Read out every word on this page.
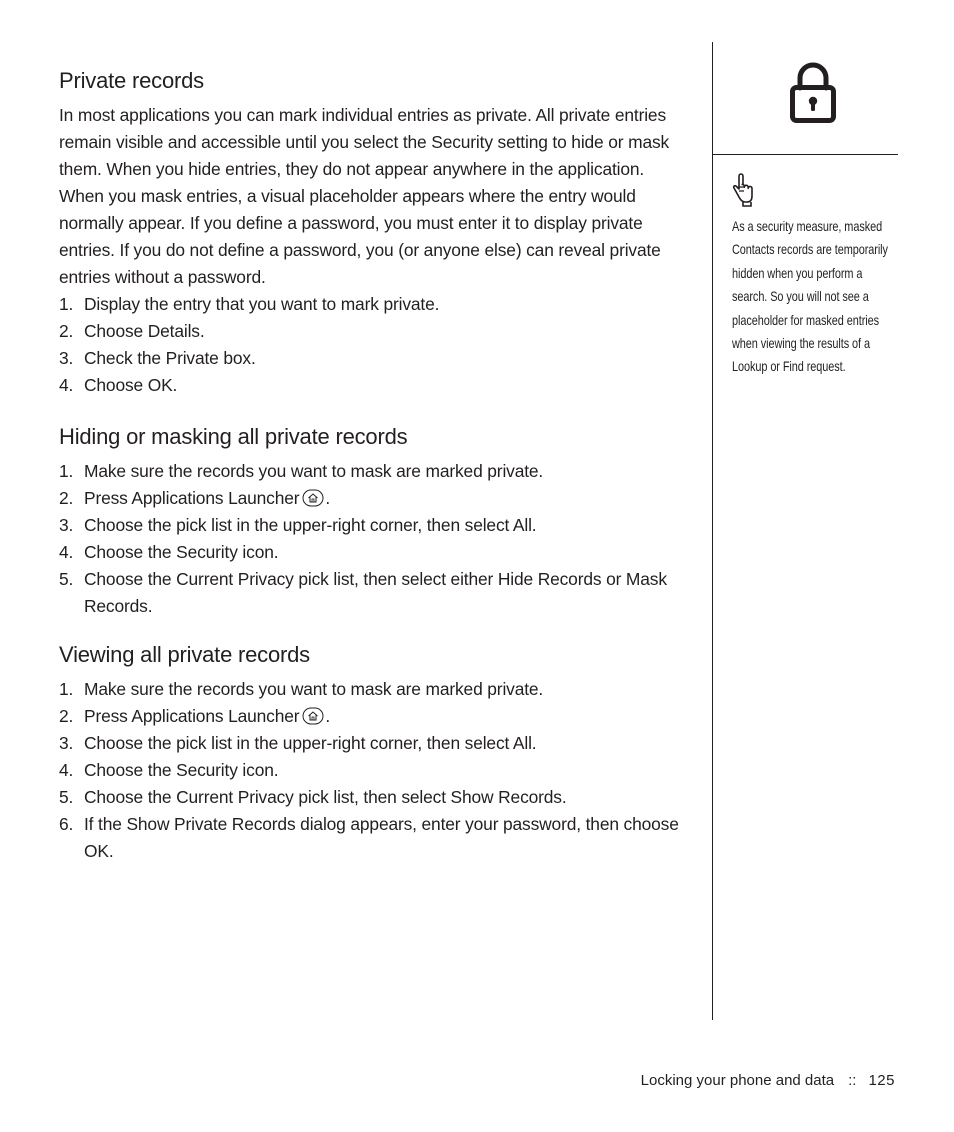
Private records

In most applications you can mark individual entries as private. All private entries remain visible and accessible until you select the Security setting to hide or mask them. When you hide entries, they do not appear anywhere in the application. When you mask entries, a visual placeholder appears where the entry would normally appear. If you define a password, you must enter it to display private entries. If you do not define a password, you (or anyone else) can reveal private entries without a password.

1. Display the entry that you want to mark private.
2. Choose Details.
3. Check the Private box.
4. Choose OK.
Hiding or masking all private records
1. Make sure the records you want to mask are marked private.
2. Press Applications Launcher .
3. Choose the pick list in the upper-right corner, then select All.
4. Choose the Security icon.
5. Choose the Current Privacy pick list, then select either Hide Records or Mask Records.
Viewing all private records
1. Make sure the records you want to mask are marked private.
2. Press Applications Launcher .
3. Choose the pick list in the upper-right corner, then select All.
4. Choose the Security icon.
5. Choose the Current Privacy pick list, then select Show Records.
6. If the Show Private Records dialog appears, enter your password, then choose OK.
As a security measure, masked Contacts records are temporarily hidden when you perform a search. So you will not see a placeholder for masked entries when viewing the results of a Lookup or Find request.
Locking your phone and data :: 125
